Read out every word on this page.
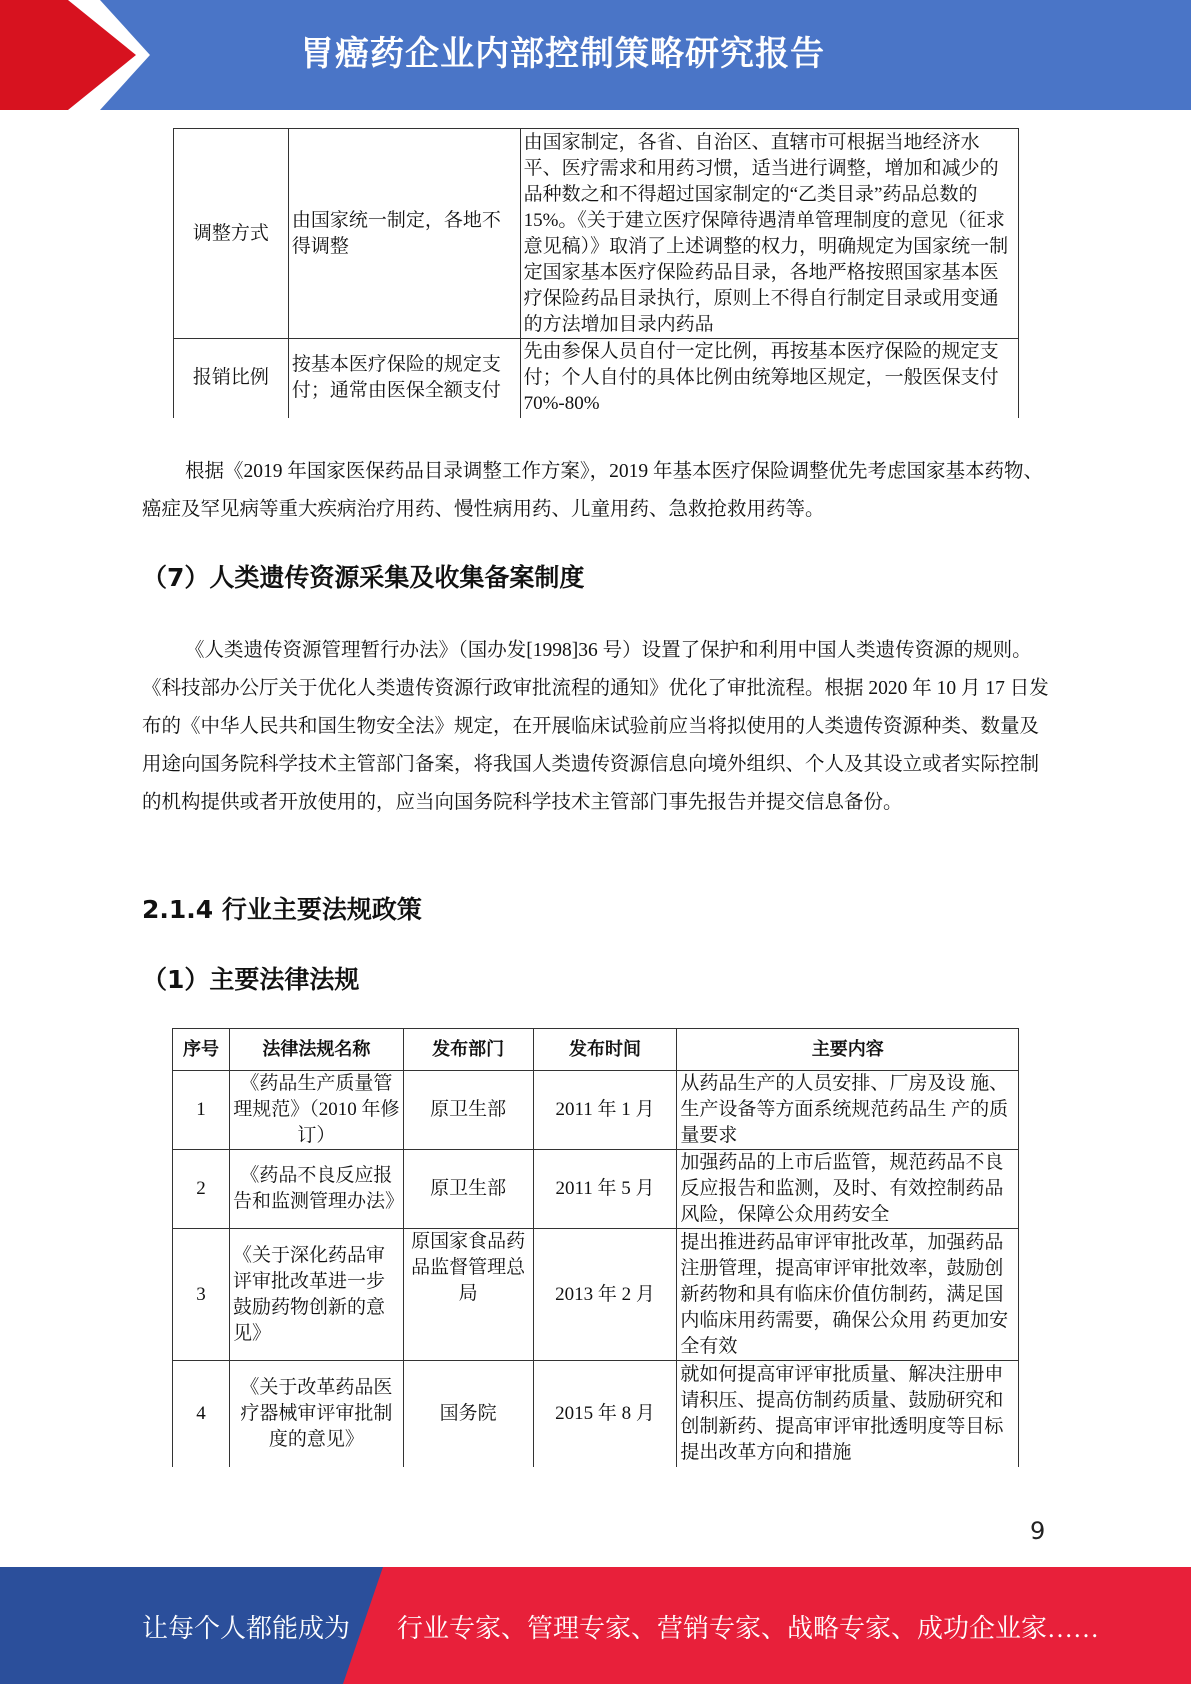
胃癌药企业内部控制策略研究报告
调整方式	由国家统一制定，各地不得调整	由国家制定，各省、自治区、直辖市可根据当地经济水平、医疗需求和用药习惯，适当进行调整，增加和减少的品种数之和不得超过国家制定的“乙类目录”药品总数的 15%。《关于建立医疗保障待遇清单管理制度的意见（征求意见稿）》取消了上述调整的权力，明确规定为国家统一制定国家基本医疗保险药品目录，各地严格按照国家基本医疗保险药品目录执行，原则上不得自行制定目录或用变通的方法增加目录内药品
报销比例	按基本医疗保险的规定支付；通常由医保全额支付	先由参保人员自付一定比例，再按基本医疗保险的规定支付；个人自付的具体比例由统筹地区规定，一般医保支付 70%-80%

根据《2019 年国家医保药品目录调整工作方案》，2019 年基本医疗保险调整优先考虑国家基本药物、癌症及罕见病等重大疾病治疗用药、慢性病用药、儿童用药、急救抢救用药等。

（7）人类遗传资源采集及收集备案制度

《人类遗传资源管理暂行办法》（国办发[1998]36 号）设置了保护和利用中国人类遗传资源的规则。《科技部办公厅关于优化人类遗传资源行政审批流程的通知》优化了审批流程。根据 2020 年 10 月 17 日发布的《中华人民共和国生物安全法》规定，在开展临床试验前应当将拟使用的人类遗传资源种类、数量及用途向国务院科学技术主管部门备案，将我国人类遗传资源信息向境外组织、个人及其设立或者实际控制的机构提供或者开放使用的，应当向国务院科学技术主管部门事先报告并提交信息备份。

2.1.4 行业主要法规政策
（1）主要法律法规
序号	法律法规名称	发布部门	发布时间	主要内容
1	《药品生产质量管理规范》（2010 年修订）	原卫生部	2011 年 1 月	从药品生产的人员安排、厂房及设 施、生产设备等方面系统规范药品生 产的质量要求
2	《药品不良反应报告和监测管理办法》	原卫生部	2011 年 5 月	加强药品的上市后监管，规范药品不良反应报告和监测，及时、有效控制药品风险，保障公众用药安全
3	《关于深化药品审评审批改革进一步鼓励药物创新的意见》	原国家食品药品监督管理总局	2013 年 2 月	提出推进药品审评审批改革，加强药品注册管理，提高审评审批效率，鼓励创新药物和具有临床价值仿制药，满足国内临床用药需要，确保公众用 药更加安全有效
4	《关于改革药品医疗器械审评审批制度的意见》	国务院	2015 年 8 月	就如何提高审评审批质量、解决注册申请积压、提高仿制药质量、鼓励研究和创制新药、提高审评审批透明度等目标提出改革方向和措施
9
让每个人都能成为 行业专家、管理专家、营销专家、战略专家、成功企业家……
